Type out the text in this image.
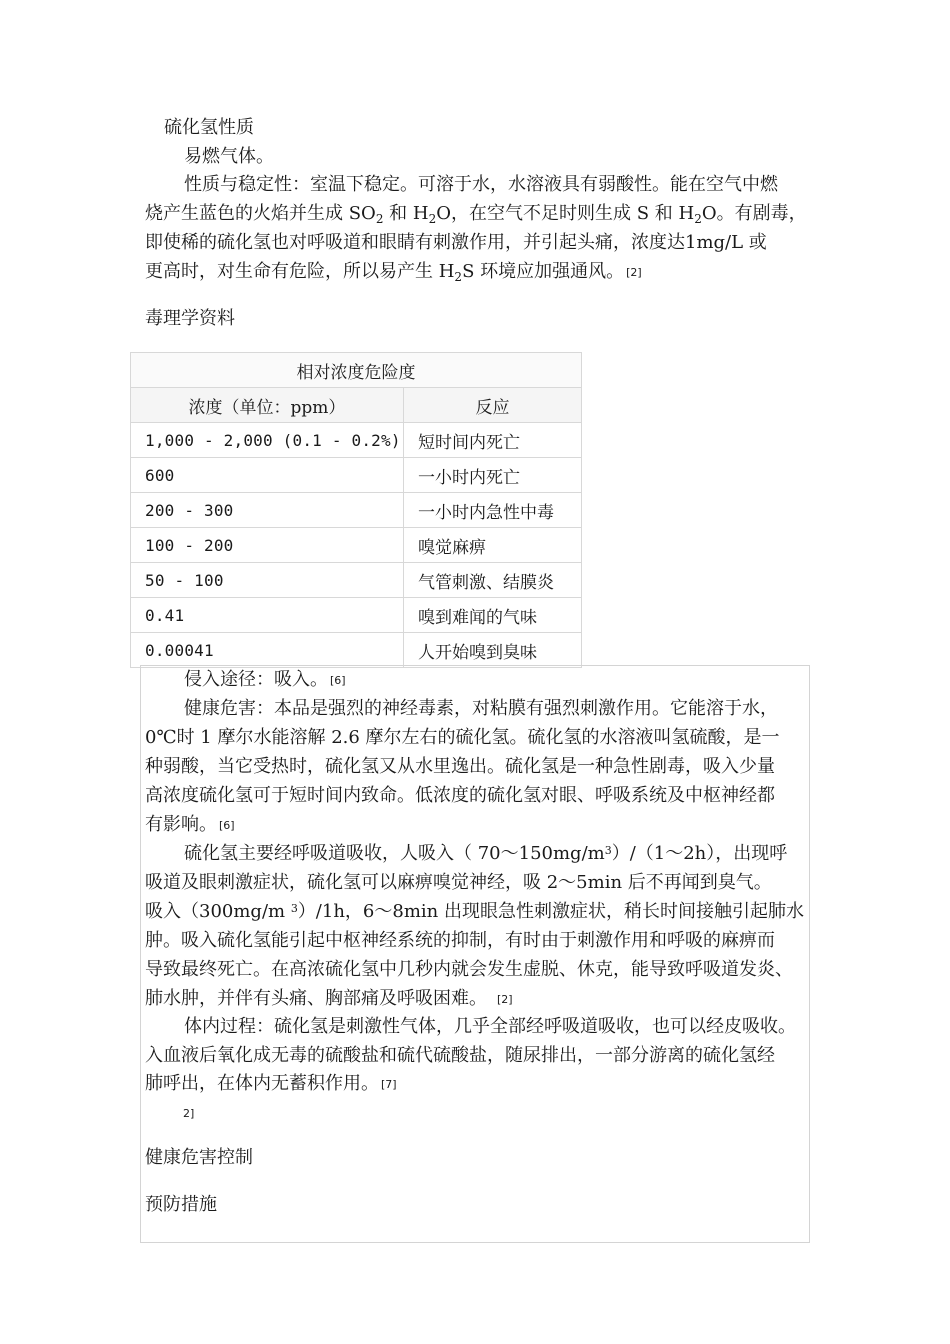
硫化氢性质
易燃气体。
性质与稳定性：室温下稳定。可溶于水，水溶液具有弱酸性。能在空气中燃
烧产生蓝色的火焰并生成 $SO_2$ 和 $H_2O$，在空气不足时则生成 S 和 $H_2O$。有剧毒，
即使稀的硫化氢也对呼吸道和眼睛有刺激作用，并引起头痛，浓度达1mg/L 或
更高时，对生命有危险，所以易产生 $H_2S$ 环境应加强通风。 [2]
毒理学资料
相对浓度危险度	
浓度（单位：ppm）	反应
1,000 - 2,000 (0.1 - 0.2%)	短时间内死亡
600	一小时内死亡
200 - 300	一小时内急性中毒
100 - 200	嗅觉麻痹
50 - 100	气管刺激、结膜炎
0.41	嗅到难闻的气味
0.00041	人开始嗅到臭味
侵入途径：吸入。 [6]
健康危害：本品是强烈的神经毒素，对粘膜有强烈刺激作用。它能溶于水，
0℃时 1 摩尔水能溶解 2.6 摩尔左右的硫化氢。硫化氢的水溶液叫氢硫酸，是一
种弱酸，当它受热时，硫化氢又从水里逸出。硫化氢是一种急性剧毒，吸入少量
高浓度硫化氢可于短时间内致命。低浓度的硫化氢对眼、呼吸系统及中枢神经都
有影响。 [6]
硫化氢主要经呼吸道吸收，人吸入（ $70\sim 150mg/m^3)/(1\sim 2h)$，出现呼
吸道及眼刺激症状，硫化氢可以麻痹嗅觉神经，吸 2～5min 后不再闻到臭气。
吸入（300mg/m $^3$）/1h，6～8min 出现眼急性刺激症状，稍长时间接触引起肺水
肿。吸入硫化氢能引起中枢神经系统的抑制，有时由于刺激作用和呼吸的麻痹而
导致最终死亡。在高浓硫化氢中几秒内就会发生虚脱、休克，能导致呼吸道发炎、
肺水肿，并伴有头痛、胸部痛及呼吸困难。 [2]
体内过程：硫化氢是刺激性气体，几乎全部经呼吸道吸收，也可以经皮吸收。
入血液后氧化成无毒的硫酸盐和硫代硫酸盐，随尿排出，一部分游离的硫化氢经
肺呼出，在体内无蓄积作用。 [7]
2]
健康危害控制
预防措施
